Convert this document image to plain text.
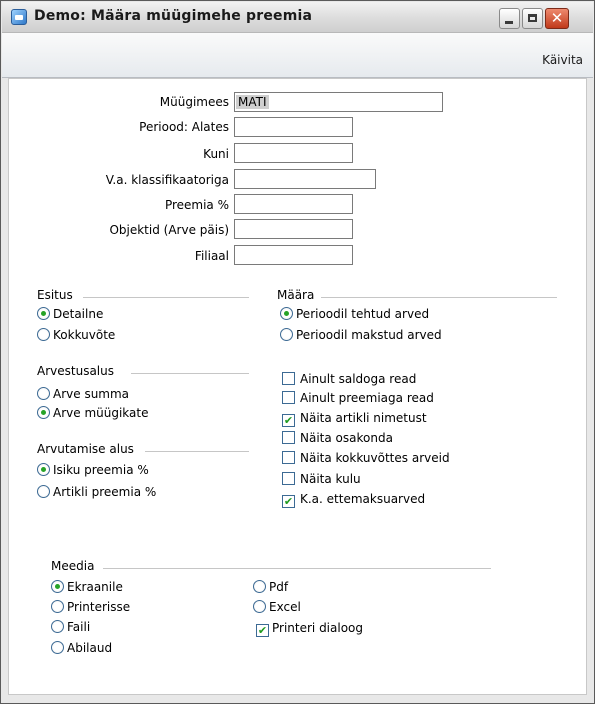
Demo: Määra müügimehe preemia	✕
Käivita
Müügimees MATI
Periood: Alates
Kuni
V.a. klassifikaatoriga
Preemia %
Objektid (Arve päis)
Filiaal
Esitus
Detailne
Kokkuvõte
Määra
Perioodil tehtud arved
Perioodil makstud arved
Arvestusalus
Arve summa
Arve müügikate
Arvutamise alus
Isiku preemia %
Artikli preemia %
Ainult saldoga read
Ainult preemiaga read
✔ Näita artikli nimetust
Näita osakonda
Näita kokkuvõttes arveid
Näita kulu
✔ K.a. ettemaksuarved
Meedia
Ekraanile
Printerisse
Faili
Abilaud
Pdf
Excel
✔ Printeri dialoog
